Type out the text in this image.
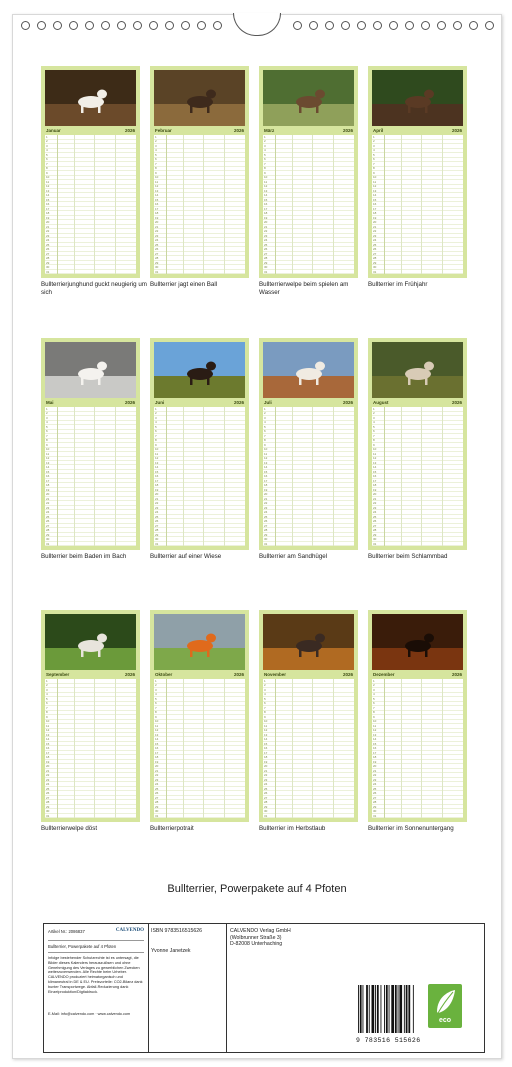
Januar	2026
1
2
3
4
5
6
7
8
9
10
11
12
13
14
15
16
17
18
19
20
21
22
23
24
25
26
27
28
29
30
31
Bullterrierjunghund guckt neugierig um sich
Februar	2026
1
2
3
4
5
6
7
8
9
10
11
12
13
14
15
16
17
18
19
20
21
22
23
24
25
26
27
28
29
30
31
Bullterrier jagt einen Ball
März	2026
1
2
3
4
5
6
7
8
9
10
11
12
13
14
15
16
17
18
19
20
21
22
23
24
25
26
27
28
29
30
31
Bullterrierwelpe beim spielen am Wasser
April	2026
1
2
3
4
5
6
7
8
9
10
11
12
13
14
15
16
17
18
19
20
21
22
23
24
25
26
27
28
29
30
31
Bullterrier im Frühjahr
Mai	2026
1
2
3
4
5
6
7
8
9
10
11
12
13
14
15
16
17
18
19
20
21
22
23
24
25
26
27
28
29
30
31
Bullterrier beim Baden im Bach
Juni	2026
1
2
3
4
5
6
7
8
9
10
11
12
13
14
15
16
17
18
19
20
21
22
23
24
25
26
27
28
29
30
31
Bullterrier auf einer Wiese
Juli	2026
1
2
3
4
5
6
7
8
9
10
11
12
13
14
15
16
17
18
19
20
21
22
23
24
25
26
27
28
29
30
31
Bullterrier am Sandhügel
August	2026
1
2
3
4
5
6
7
8
9
10
11
12
13
14
15
16
17
18
19
20
21
22
23
24
25
26
27
28
29
30
31
Bullterrier beim Schlammbad
September	2026
1
2
3
4
5
6
7
8
9
10
11
12
13
14
15
16
17
18
19
20
21
22
23
24
25
26
27
28
29
30
31
Bullterrierwelpe döst
Oktober	2026
1
2
3
4
5
6
7
8
9
10
11
12
13
14
15
16
17
18
19
20
21
22
23
24
25
26
27
28
29
30
31
Bullterrierpotrait
November	2026
1
2
3
4
5
6
7
8
9
10
11
12
13
14
15
16
17
18
19
20
21
22
23
24
25
26
27
28
29
30
31
Bullterrier im Herbstlaub
Dezember	2026
1
2
3
4
5
6
7
8
9
10
11
12
13
14
15
16
17
18
19
20
21
22
23
24
25
26
27
28
29
30
31
Bullterrier im Sonnenuntergang
Bullterrier, Powerpakete auf 4 Pfoten
Artikel Nr.: 2086837	CALVENDO
Bullterrier, Powerpakete auf 4 Pfoten
Infolge bestehender Schutzrechte ist es untersagt, die Bilder dieses Kalenders herauszulösen und ohne Genehmigung des Verlages zu gewerblichen Zwecken weiterzuverwenden. Alle Rechte beim Urheber. CALVENDO produziert heimatorganisch und klimaneutral in DE & EU. Preisvorteile: CO2-Bilanz dank bunter Transportwege. Abfall-Reduzierung dank Einzelproduktion/Digitaldruck.
E-Mail: info@calvendo.com · www.calvendo.com
ISBN 9783516515626
Yvonne Janetzek
CALVENDO Verlag GmbH
(Wolbrunner Straße 3)
D-82008 Unterhaching
9 783516 515626
eco
